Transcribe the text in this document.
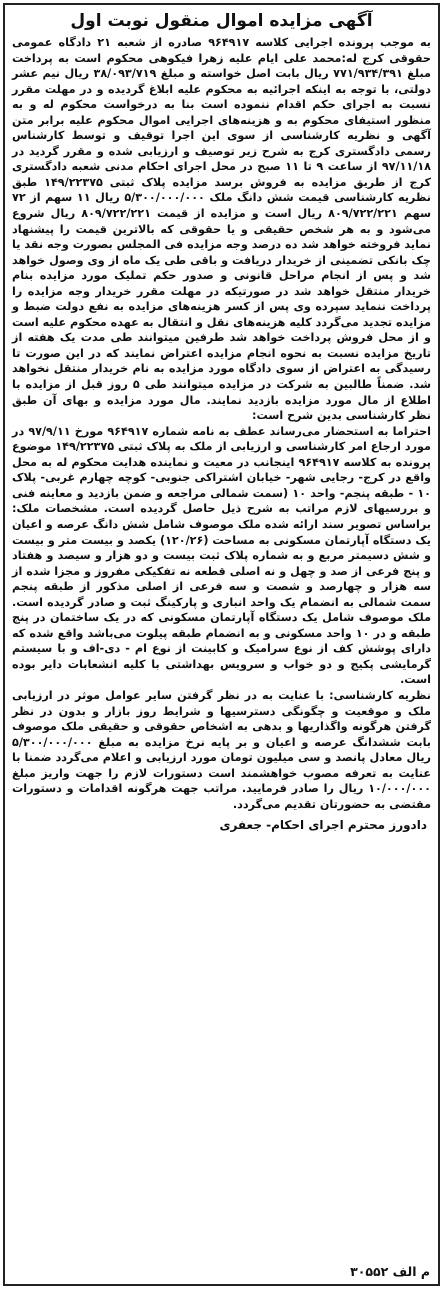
آگهی مزایده اموال منقول نوبت اول

به موجب پرونده اجرایی کلاسه ۹۶۴۹۱۷ صادره از شعبه ۲۱ دادگاه عمومی حقوقی کرج له:محمد علی ایام علیه زهرا فیکوهی محکوم است به پرداخت مبلغ ۷۷۱/۹۳۴/۳۹۱ ریال بابت اصل خواسته و مبلغ ۳۸/۰۹۳/۷۱۹ ریال نیم عشر دولتی، با توجه به اینکه اجرائیه به محکوم علیه ابلاغ گردیده و در مهلت مقرر نسبت به اجرای حکم اقدام ننموده است بنا به درخواست محکوم له و به منظور استیفای محکوم به و هزینه‌های اجرایی اموال محکوم علیه برابر متن آگهی و نظریه کارشناسی از سوی این اجرا توقیف و توسط کارشناس رسمی دادگستری کرج به شرح زیر توصیف و ارزیابی شده و مقرر گردید در ۹۷/۱۱/۱۸ از ساعت ۹ تا ۱۱ صبح در محل اجرای احکام مدنی شعبه دادگستری کرج از طریق مزایده به فروش برسد مزایده پلاک ثبتی ۱۴۹/۲۲۳۷۵ طبق نظریه کارشناسی قیمت شش دانگ ملک ۵/۳۰۰/۰۰۰/۰۰۰ ریال ۱۱ سهم از ۷۲ سهم ۸۰۹/۷۲۲/۲۲۱ ریال است و مزایده از قیمت ۸۰۹/۷۲۲/۲۲۱ ریال شروع می‌شود و به هر شخص حقیقی و یا حقوقی که بالاترین قیمت را پیشنهاد نماید فروخته خواهد شد ده درصد وجه مزایده فی المجلس بصورت وجه نقد یا چک بانکی تضمینی از خریدار دریافت و باقی طی یک ماه از وی وصول خواهد شد و پس از انجام مراحل قانونی و صدور حکم تملیک مورد مزایده بنام خریدار منتقل خواهد شد در صورتیکه در مهلت مقرر خریدار وجه مزایده را پرداخت ننماید سپرده وی پس از کسر هزینه‌های مزایده به نفع دولت ضبط و مزایده تجدید می‌گردد کلیه هزینه‌های نقل و انتقال به عهده محکوم علیه است و از محل فروش پرداخت خواهد شد طرفین میتوانند طی مدت یک هفته از تاریخ مزایده نسبت به نحوه انجام مزایده اعتراض نمایند که در این صورت تا رسیدگی به اعتراض از سوی دادگاه مورد مزایده به نام خریدار منتقل نخواهد شد. ضمناً طالبین به شرکت در مزایده میتوانند طی ۵ روز قبل از مزایده با اطلاع از مال مورد مزایده بازدید نمایند. مال مورد مزایده و بهای آن طبق نظر کارشناسی بدین شرح است:

احتراما به استحضار می‌رساند عطف به نامه شماره ۹۶۴۹۱۷ مورخ ۹۷/۹/۱۱ در مورد ارجاع امر کارشناسی و ارزیابی از ملک به پلاک ثبتی ۱۴۹/۲۲۳۷۵ موضوع پرونده به کلاسه ۹۶۴۹۱۷ اینجانب در معیت و نماینده هدایت محکوم له به محل واقع در کرج- رجایی شهر- خیابان اشتراکی جنوبی- کوچه چهارم غربی- پلاک ۱۰ - طبقه پنجم- واحد ۱۰ (سمت شمالی مراجعه و ضمن بازدید و معاینه فنی و بررسیهای لازم مراتب به شرح ذیل حاصل گردیده است. مشخصات ملک: براساس تصویر سند ارائه شده ملک موصوف شامل شش دانگ عرصه و اعیان یک دستگاه آپارتمان مسکونی به مساحت (۱۲۰/۲۶) یکصد و بیست متر و بیست و شش دسیمتر مربع و به شماره پلاک ثبت بیست و دو هزار و سیصد و هفتاد و پنج فرعی از صد و چهل و نه اصلی قطعه نه تفکیکی مفروز و مجزا شده از سه هزار و چهارصد و شصت و سه فرعی از اصلی مذکور از طبقه پنجم سمت شمالی به انضمام یک واحد انباری و پارکینگ ثبت و صادر گردیده است. ملک موصوف شامل یک دستگاه آپارتمان مسکونی که در یک ساختمان در پنج طبقه و در ۱۰ واحد مسکونی و به انضمام طبقه پیلوت می‌باشد واقع شده که دارای پوشش کف از نوع سرامیک و کابینت از نوع ام - دی-اف و با سیستم گرمایشی پکیج و دو خواب و سرویس بهداشتی با کلیه انشعابات دایر بوده است.

نظریه کارشناسی: با عنایت به در نظر گرفتن سایر عوامل موثر در ارزیابی ملک و موقعیت و چگونگی دسترسیها و شرایط روز بازار و بدون در نظر گرفتن هرگونه واگذاریها و بدهی به اشخاص حقوقی و حقیقی ملک موصوف بابت ششدانگ عرصه و اعیان و بر پایه نرخ مزایده به مبلغ ۵/۳۰۰/۰۰۰/۰۰۰ ریال معادل پانصد و سی میلیون تومان مورد ارزیابی و اعلام می‌گردد ضمنا با عنایت به تعرفه مصوب خواهشمند است دستورات لازم را جهت واریز مبلغ ۱۰/۰۰۰/۰۰۰ ریال را صادر فرمایید. مراتب جهت هرگونه اقدامات و دستورات مقتضی به حضورتان تقدیم می‌گردد.

دادورز محترم اجرای احکام- جعفری
م الف ۳۰۵۵۲
